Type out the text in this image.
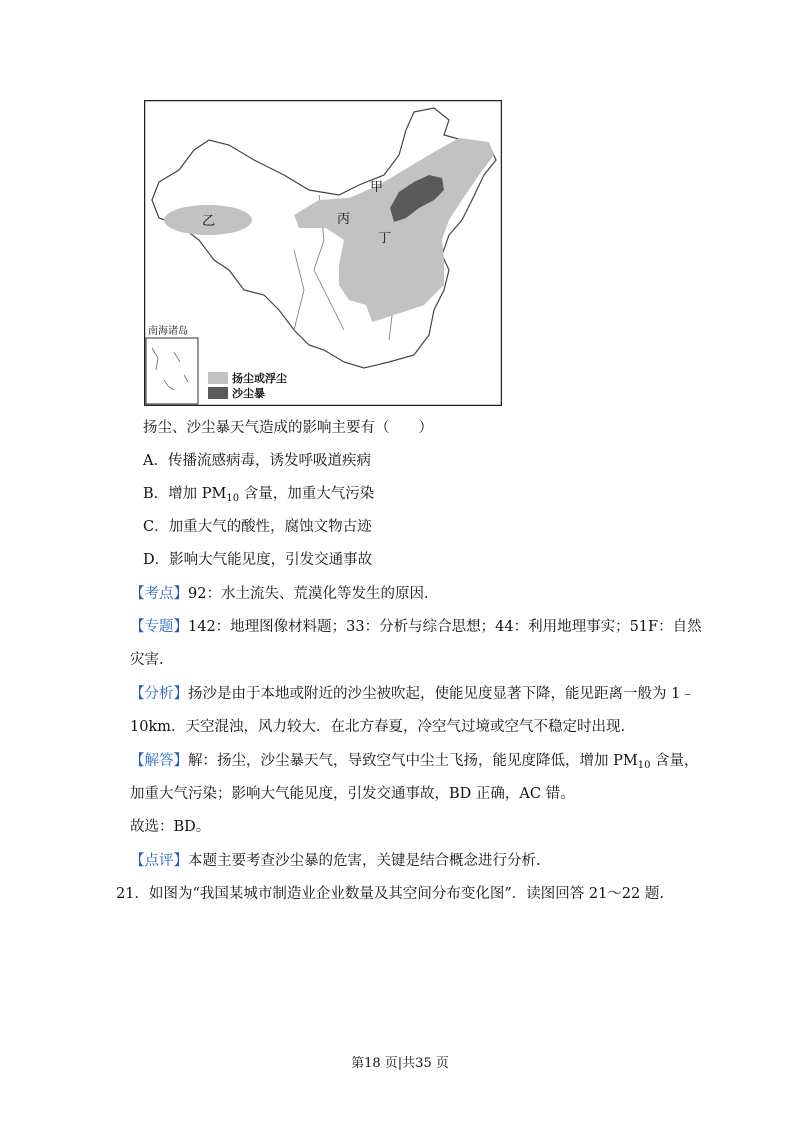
甲
乙	丙
丁
南海诸岛
扬尘或浮尘
沙尘暴
扬尘、沙尘暴天气造成的影响主要有（　　）
A．传播流感病毒，诱发呼吸道疾病
B．增加 $PM_{10}$ 含量，加重大气污染
C．加重大气的酸性，腐蚀文物古迹
D．影响大气能见度，引发交通事故
【考点】92：水土流失、荒漠化等发生的原因.
【专题】142：地理图像材料题；33：分析与综合思想；44：利用地理事实；51F：自然
灾害.
【分析】扬沙是由于本地或附近的沙尘被吹起，使能见度显著下降，能见距离一般为 1﹣
10km．天空混浊，风力较大．在北方春夏，冷空气过境或空气不稳定时出现.
【解答】解：扬尘，沙尘暴天气，导致空气中尘土飞扬，能见度降低，增加 $PM_{10}$ 含量，
加重大气污染；影响大气能见度，引发交通事故，BD 正确，AC 错。
故选：BD。
【点评】本题主要考查沙尘暴的危害，关键是结合概念进行分析.
21．如图为“我国某城市制造业企业数量及其空间分布变化图”．读图回答 21～22 题.
第18 页|共35 页
